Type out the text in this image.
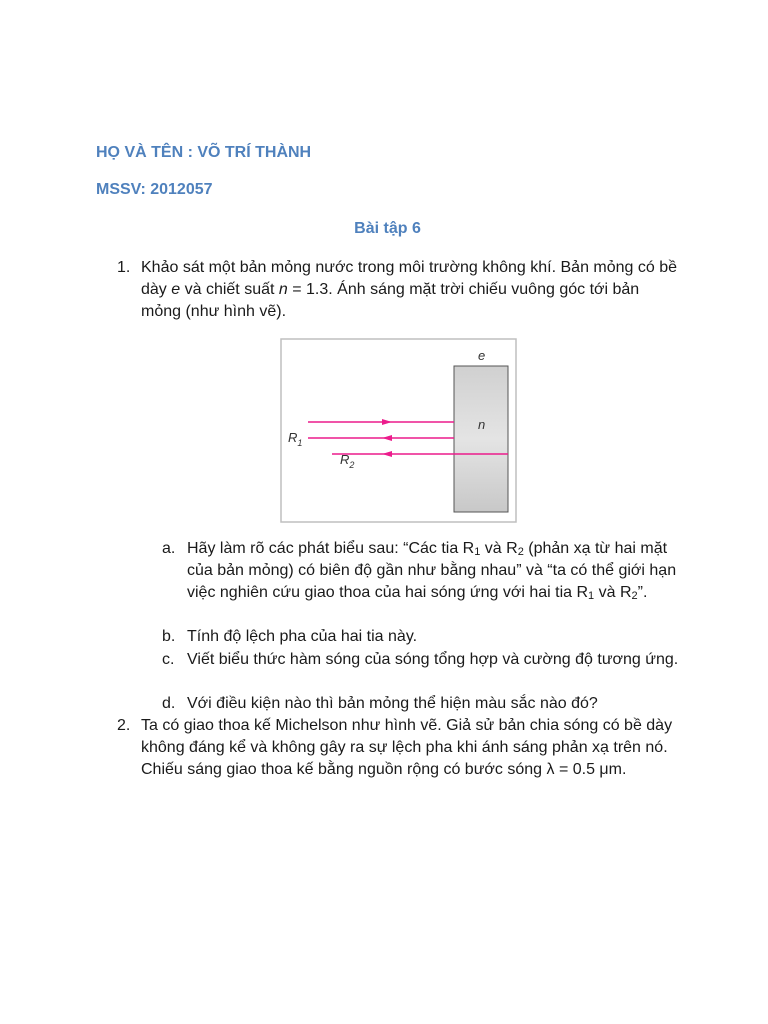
HỌ VÀ TÊN : VÕ TRÍ THÀNH
MSSV: 2012057
Bài tập 6
1. Khảo sát một bản mỏng nước trong môi trường không khí. Bản mỏng có bề dày e và chiết suất n = 1.3. Ánh sáng mặt trời chiếu vuông góc tới bản mỏng (như hình vẽ).
e
n
$R_1$
$R_2$
a. Hãy làm rõ các phát biểu sau: “Các tia $R_1$ và $R_2$ (phản xạ từ hai mặt của bản mỏng) có biên độ gần như bằng nhau” và “ta có thể giới hạn việc nghiên cứu giao thoa của hai sóng ứng với hai tia $R_1$ và $R_2$”.
b. Tính độ lệch pha của hai tia này.
c. Viết biểu thức hàm sóng của sóng tổng hợp và cường độ tương ứng.
d. Với điều kiện nào thì bản mỏng thể hiện màu sắc nào đó?
2. Ta có giao thoa kế Michelson như hình vẽ. Giả sử bản chia sóng có bề dày không đáng kể và không gây ra sự lệch pha khi ánh sáng phản xạ trên nó. Chiếu sáng giao thoa kế bằng nguồn rộng có bước sóng λ = 0.5 μm.
